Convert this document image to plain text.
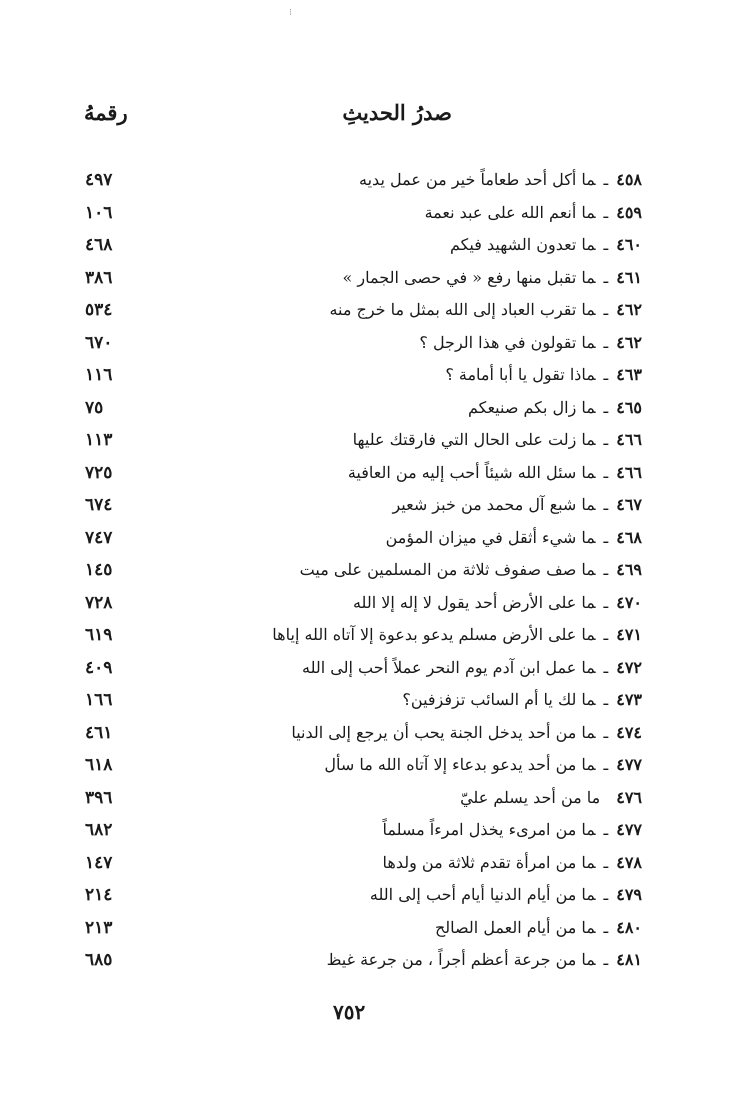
⁝
صدرُ الحديثِ
رقمهُ
٤٥٨ـما أكل أحد طعاماً خير من عمل يديه
٤٩٧
٤٥٩ـما أنعم الله على عبد نعمة
١٠٦
٤٦٠ـما تعدون الشهيد فيكم
٤٦٨
٤٦١ـما تقبل منها رفع « في حصى الجمار »
٣٨٦
٤٦٢ـما تقرب العباد إلى الله بمثل ما خرج منه
٥٣٤
٤٦٢ـما تقولون في هذا الرجل ؟
٦٧٠
٤٦٣ـماذا تقول يا أبا أمامة ؟
١١٦
٤٦٥ـما زال بكم صنيعكم
٧٥
٤٦٦ـما زلت على الحال التي فارقتك عليها
١١٣
٤٦٦ـما سئل الله شيئاً أحب إليه من العافية
٧٢٥
٤٦٧ـما شبع آل محمد من خبز شعير
٦٧٤
٤٦٨ـما شيء أثقل في ميزان المؤمن
٧٤٧
٤٦٩ـما صف صفوف ثلاثة من المسلمين على ميت
١٤٥
٤٧٠ـما على الأرض أحد يقول لا إله إلا الله
٧٢٨
٤٧١ـما على الأرض مسلم يدعو بدعوة إلا آتاه الله إياها
٦١٩
٤٧٢ـما عمل ابن آدم يوم النحر عملاً أحب إلى الله
٤٠٩
٤٧٣ـما لك يا أم السائب تزفزفين؟
١٦٦
٤٧٤ـما من أحد يدخل الجنة يحب أن يرجع إلى الدنيا
٤٦١
٤٧٧ـما من أحد يدعو بدعاء إلا آتاه الله ما سأل
٦١٨
٤٧٦ما من أحد يسلم عليّ
٣٩٦
٤٧٧ـما من امرىء يخذل امرءاً مسلماً
٦٨٢
٤٧٨ـما من امرأة تقدم ثلاثة من ولدها
١٤٧
٤٧٩ـما من أيام الدنيا أيام أحب إلى الله
٢١٤
٤٨٠ـما من أيام العمل الصالح
٢١٣
٤٨١ـما من جرعة أعظم أجراً ، من جرعة غيظ
٦٨٥
٧٥٢
